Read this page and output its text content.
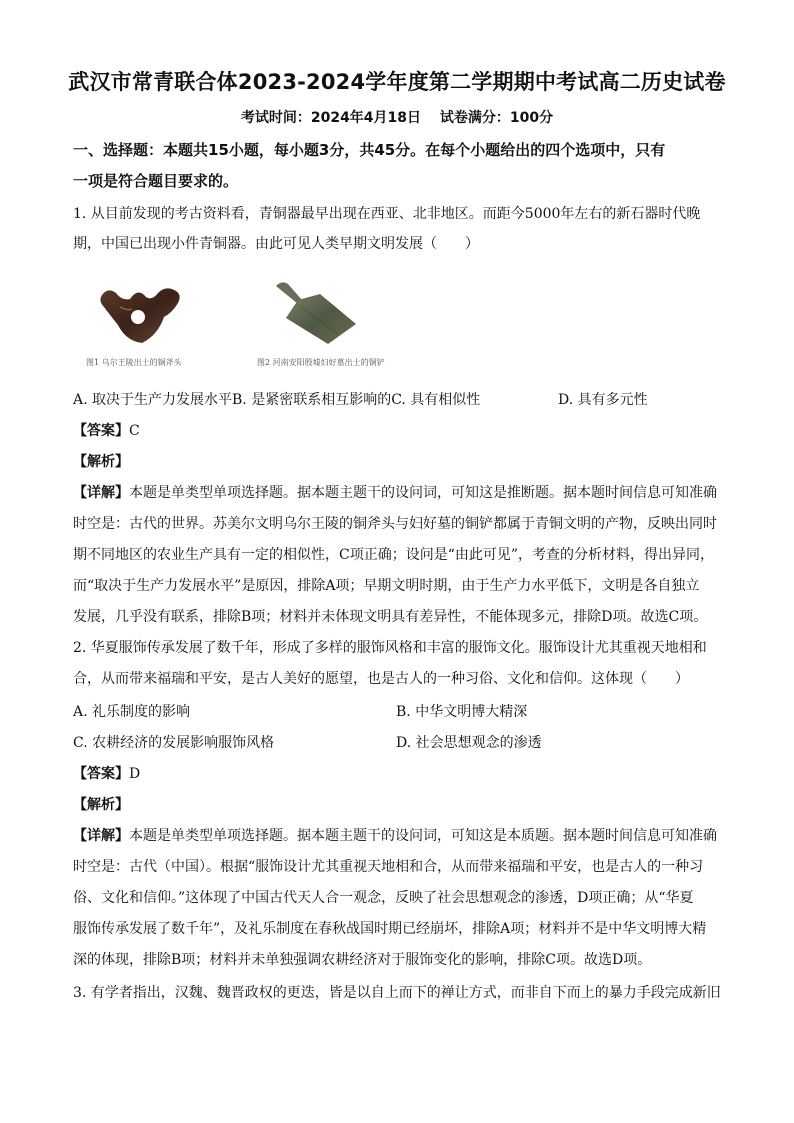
武汉市常青联合体2023-2024学年度第二学期期中考试高二历史试卷
考试时间：2024年4月18日 试卷满分：100分
一、选择题：本题共15小题，每小题3分，共45分。在每个小题给出的四个选项中，只有
一项是符合题目要求的。
1. 从目前发现的考古资料看，青铜器最早出现在西亚、北非地区。而距今5000年左右的新石器时代晚
期，中国已出现小件青铜器。由此可见人类早期文明发展（　　）
图1 乌尔王陵出土的铜斧头	图2 河南安阳殷墟妇好墓出土的铜铲
A. 取决于生产力发展水平B. 是紧密联系相互影响的C. 具有相似性	D. 具有多元性
【答案】C
【解析】
【详解】本题是单类型单项选择题。据本题主题干的设问词，可知这是推断题。据本题时间信息可知准确
时空是：古代的世界。苏美尔文明乌尔王陵的铜斧头与妇好墓的铜铲都属于青铜文明的产物，反映出同时
期不同地区的农业生产具有一定的相似性，C项正确；设问是“由此可见”，考查的分析材料，得出异同，
而“取决于生产力发展水平”是原因，排除A项；早期文明时期，由于生产力水平低下，文明是各自独立
发展，几乎没有联系，排除B项；材料并未体现文明具有差异性，不能体现多元，排除D项。故选C项。
2. 华夏服饰传承发展了数千年，形成了多样的服饰风格和丰富的服饰文化。服饰设计尤其重视天地相和
合，从而带来福瑞和平安，是古人美好的愿望，也是古人的一种习俗、文化和信仰。这体现（　　）
A. 礼乐制度的影响	B. 中华文明博大精深
C. 农耕经济的发展影响服饰风格	D. 社会思想观念的渗透
【答案】D
【解析】
【详解】本题是单类型单项选择题。据本题主题干的设问词，可知这是本质题。据本题时间信息可知准确
时空是：古代（中国）。根据“服饰设计尤其重视天地相和合，从而带来福瑞和平安，也是古人的一种习
俗、文化和信仰。”这体现了中国古代天人合一观念，反映了社会思想观念的渗透，D项正确；从“华夏
服饰传承发展了数千年”，及礼乐制度在春秋战国时期已经崩坏，排除A项；材料并不是中华文明博大精
深的体现，排除B项；材料并未单独强调农耕经济对于服饰变化的影响，排除C项。故选D项。
3. 有学者指出，汉魏、魏晋政权的更迭，皆是以自上而下的禅让方式，而非自下而上的暴力手段完成新旧
